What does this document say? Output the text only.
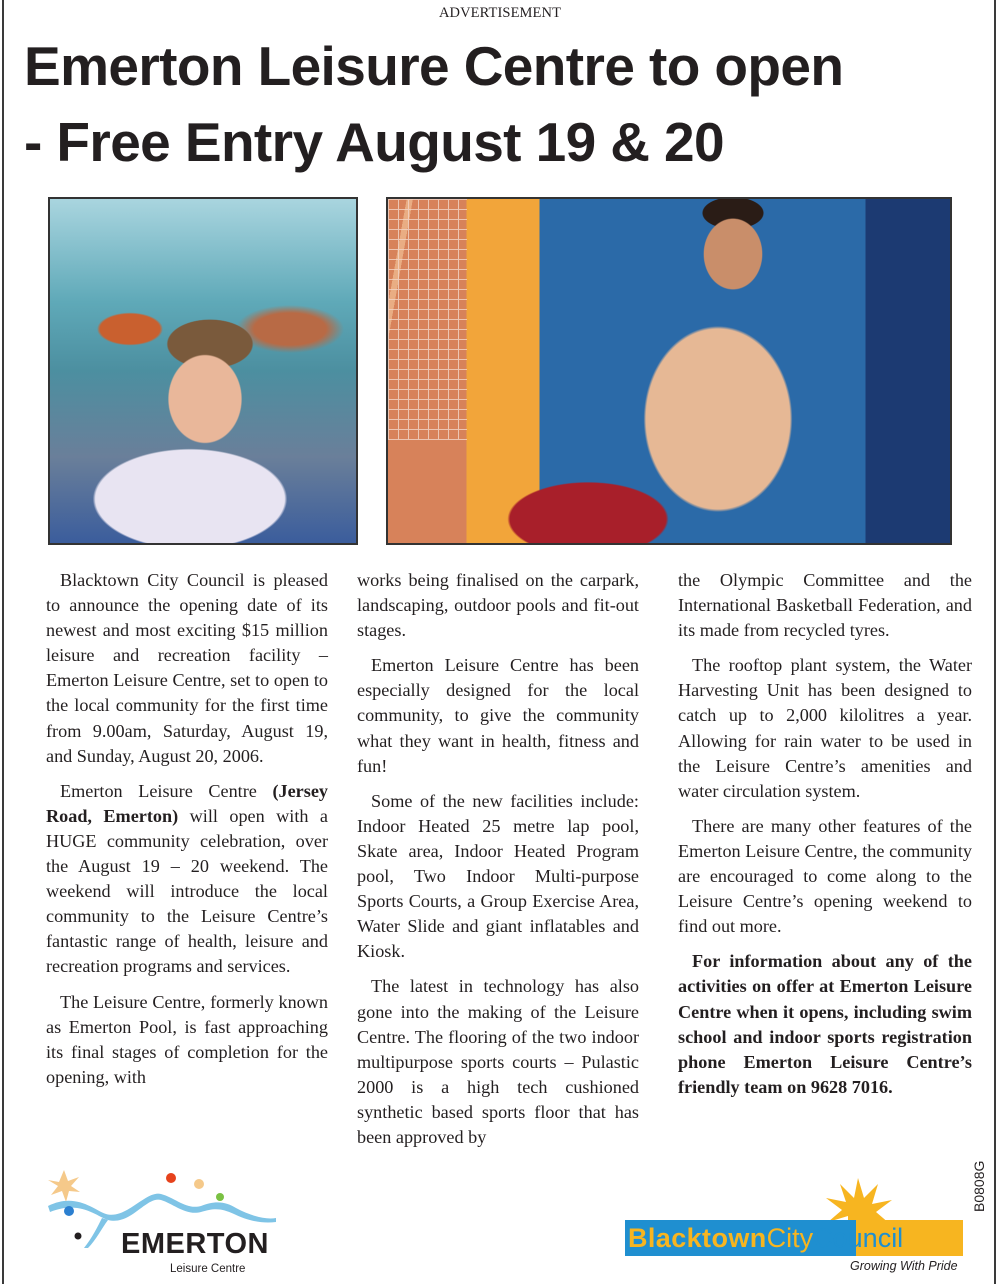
ADVERTISEMENT
Emerton Leisure Centre to open
- Free Entry August 19 & 20

Blacktown City Council is pleased to announce the opening date of its newest and most exciting $15 million leisure and recreation facility – Emerton Leisure Centre, set to open to the local community for the first time from 9.00am, Saturday, August 19, and Sunday, August 20, 2006.

Emerton Leisure Centre (Jersey Road, Emerton) will open with a HUGE community celebration, over the August 19 – 20 weekend. The weekend will introduce the local community to the Leisure Centre’s fantastic range of health, leisure and recreation programs and services.

The Leisure Centre, formerly known as Emerton Pool, is fast approaching its final stages of completion for the opening, with

works being finalised on the carpark, landscaping, outdoor pools and fit-out stages.

Emerton Leisure Centre has been especially designed for the local community, to give the community what they want in health, fitness and fun!

Some of the new facilities include: Indoor Heated 25 metre lap pool, Skate area, Indoor Heated Program pool, Two Indoor Multi-purpose Sports Courts, a Group Exercise Area, Water Slide and giant inflatables and Kiosk.

The latest in technology has also gone into the making of the Leisure Centre. The flooring of the two indoor multipurpose sports courts – Pulastic 2000 is a high tech cushioned synthetic based sports floor that has been approved by

the Olympic Committee and the International Basketball Federation, and its made from recycled tyres.

The rooftop plant system, the Water Harvesting Unit has been designed to catch up to 2,000 kilolitres a year. Allowing for rain water to be used in the Leisure Centre’s amenities and water circulation system.

There are many other features of the Emerton Leisure Centre, the community are encouraged to come along to the Leisure Centre’s opening weekend to find out more.

For information about any of the activities on offer at Emerton Leisure Centre when it opens, including swim school and indoor sports registration phone Emerton Leisure Centre’s friendly team on 9628 7016.

EMERTON
Leisure Centre
BlacktownCityCouncil
Growing With Pride
B0808G
